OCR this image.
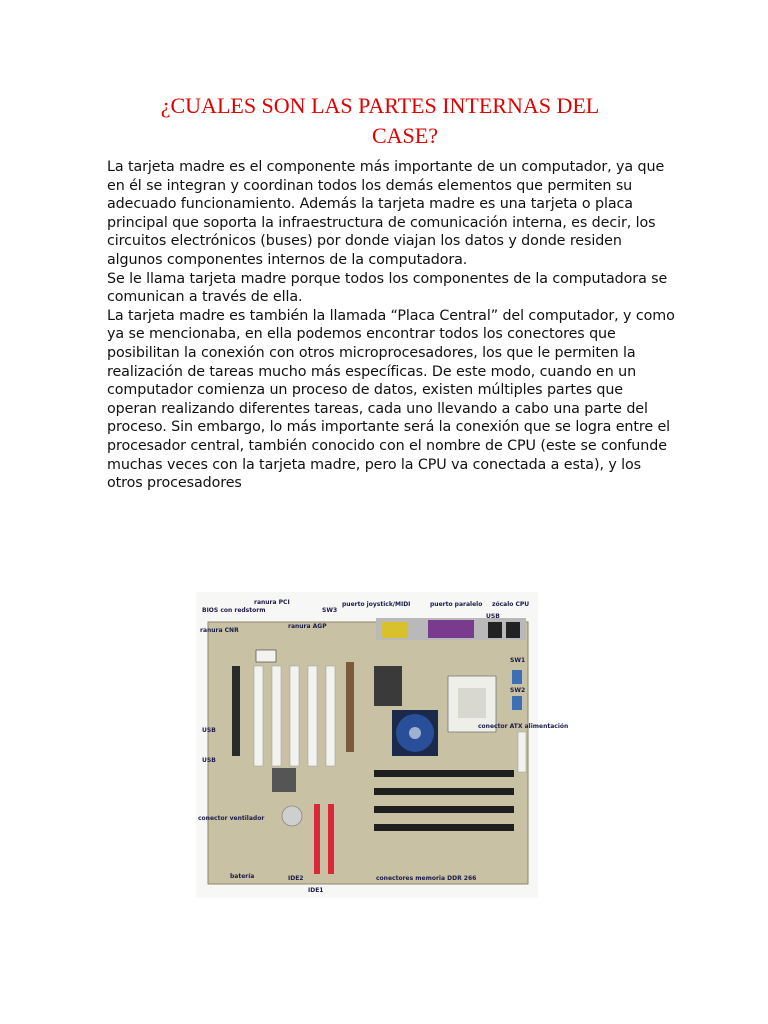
¿CUALES SON LAS PARTES INTERNAS DEL
CASE?

La tarjeta madre es el componente más importante de un computador, ya que en él se integran y coordinan todos los demás elementos que permiten su adecuado funcionamiento. Además la tarjeta madre es una tarjeta o placa principal que soporta la infraestructura de comunicación interna, es decir, los circuitos electrónicos (buses) por donde viajan los datos y donde residen algunos componentes internos de la computadora.

Se le llama tarjeta madre porque todos los componentes de la computadora se comunican a través de ella.

La tarjeta madre es también la llamada “Placa Central” del computador, y como ya se mencionaba, en ella podemos encontrar todos los conectores que posibilitan la conexión con otros microprocesadores, los que le permiten la realización de tareas mucho más específicas. De este modo, cuando en un computador comienza un proceso de datos, existen múltiples partes que operan realizando diferentes tareas, cada uno llevando a cabo una parte del proceso. Sin embargo, lo más importante será la conexión que se logra entre el procesador central, también conocido con el nombre de CPU (este se confunde muchas veces con la tarjeta madre, pero la CPU va conectada a esta), y los otros procesadores

ranura PCI
BIOS con redstorm	SW3
puerto joystick/MIDI	puerto paralelo zócalo CPU
ranura CNR
ranura AGP
USB
SW1
SW2
conector ATX alimentación
USB
USB
conector ventilador
batería	IDE2
IDE1
conectores memoria DDR 266
